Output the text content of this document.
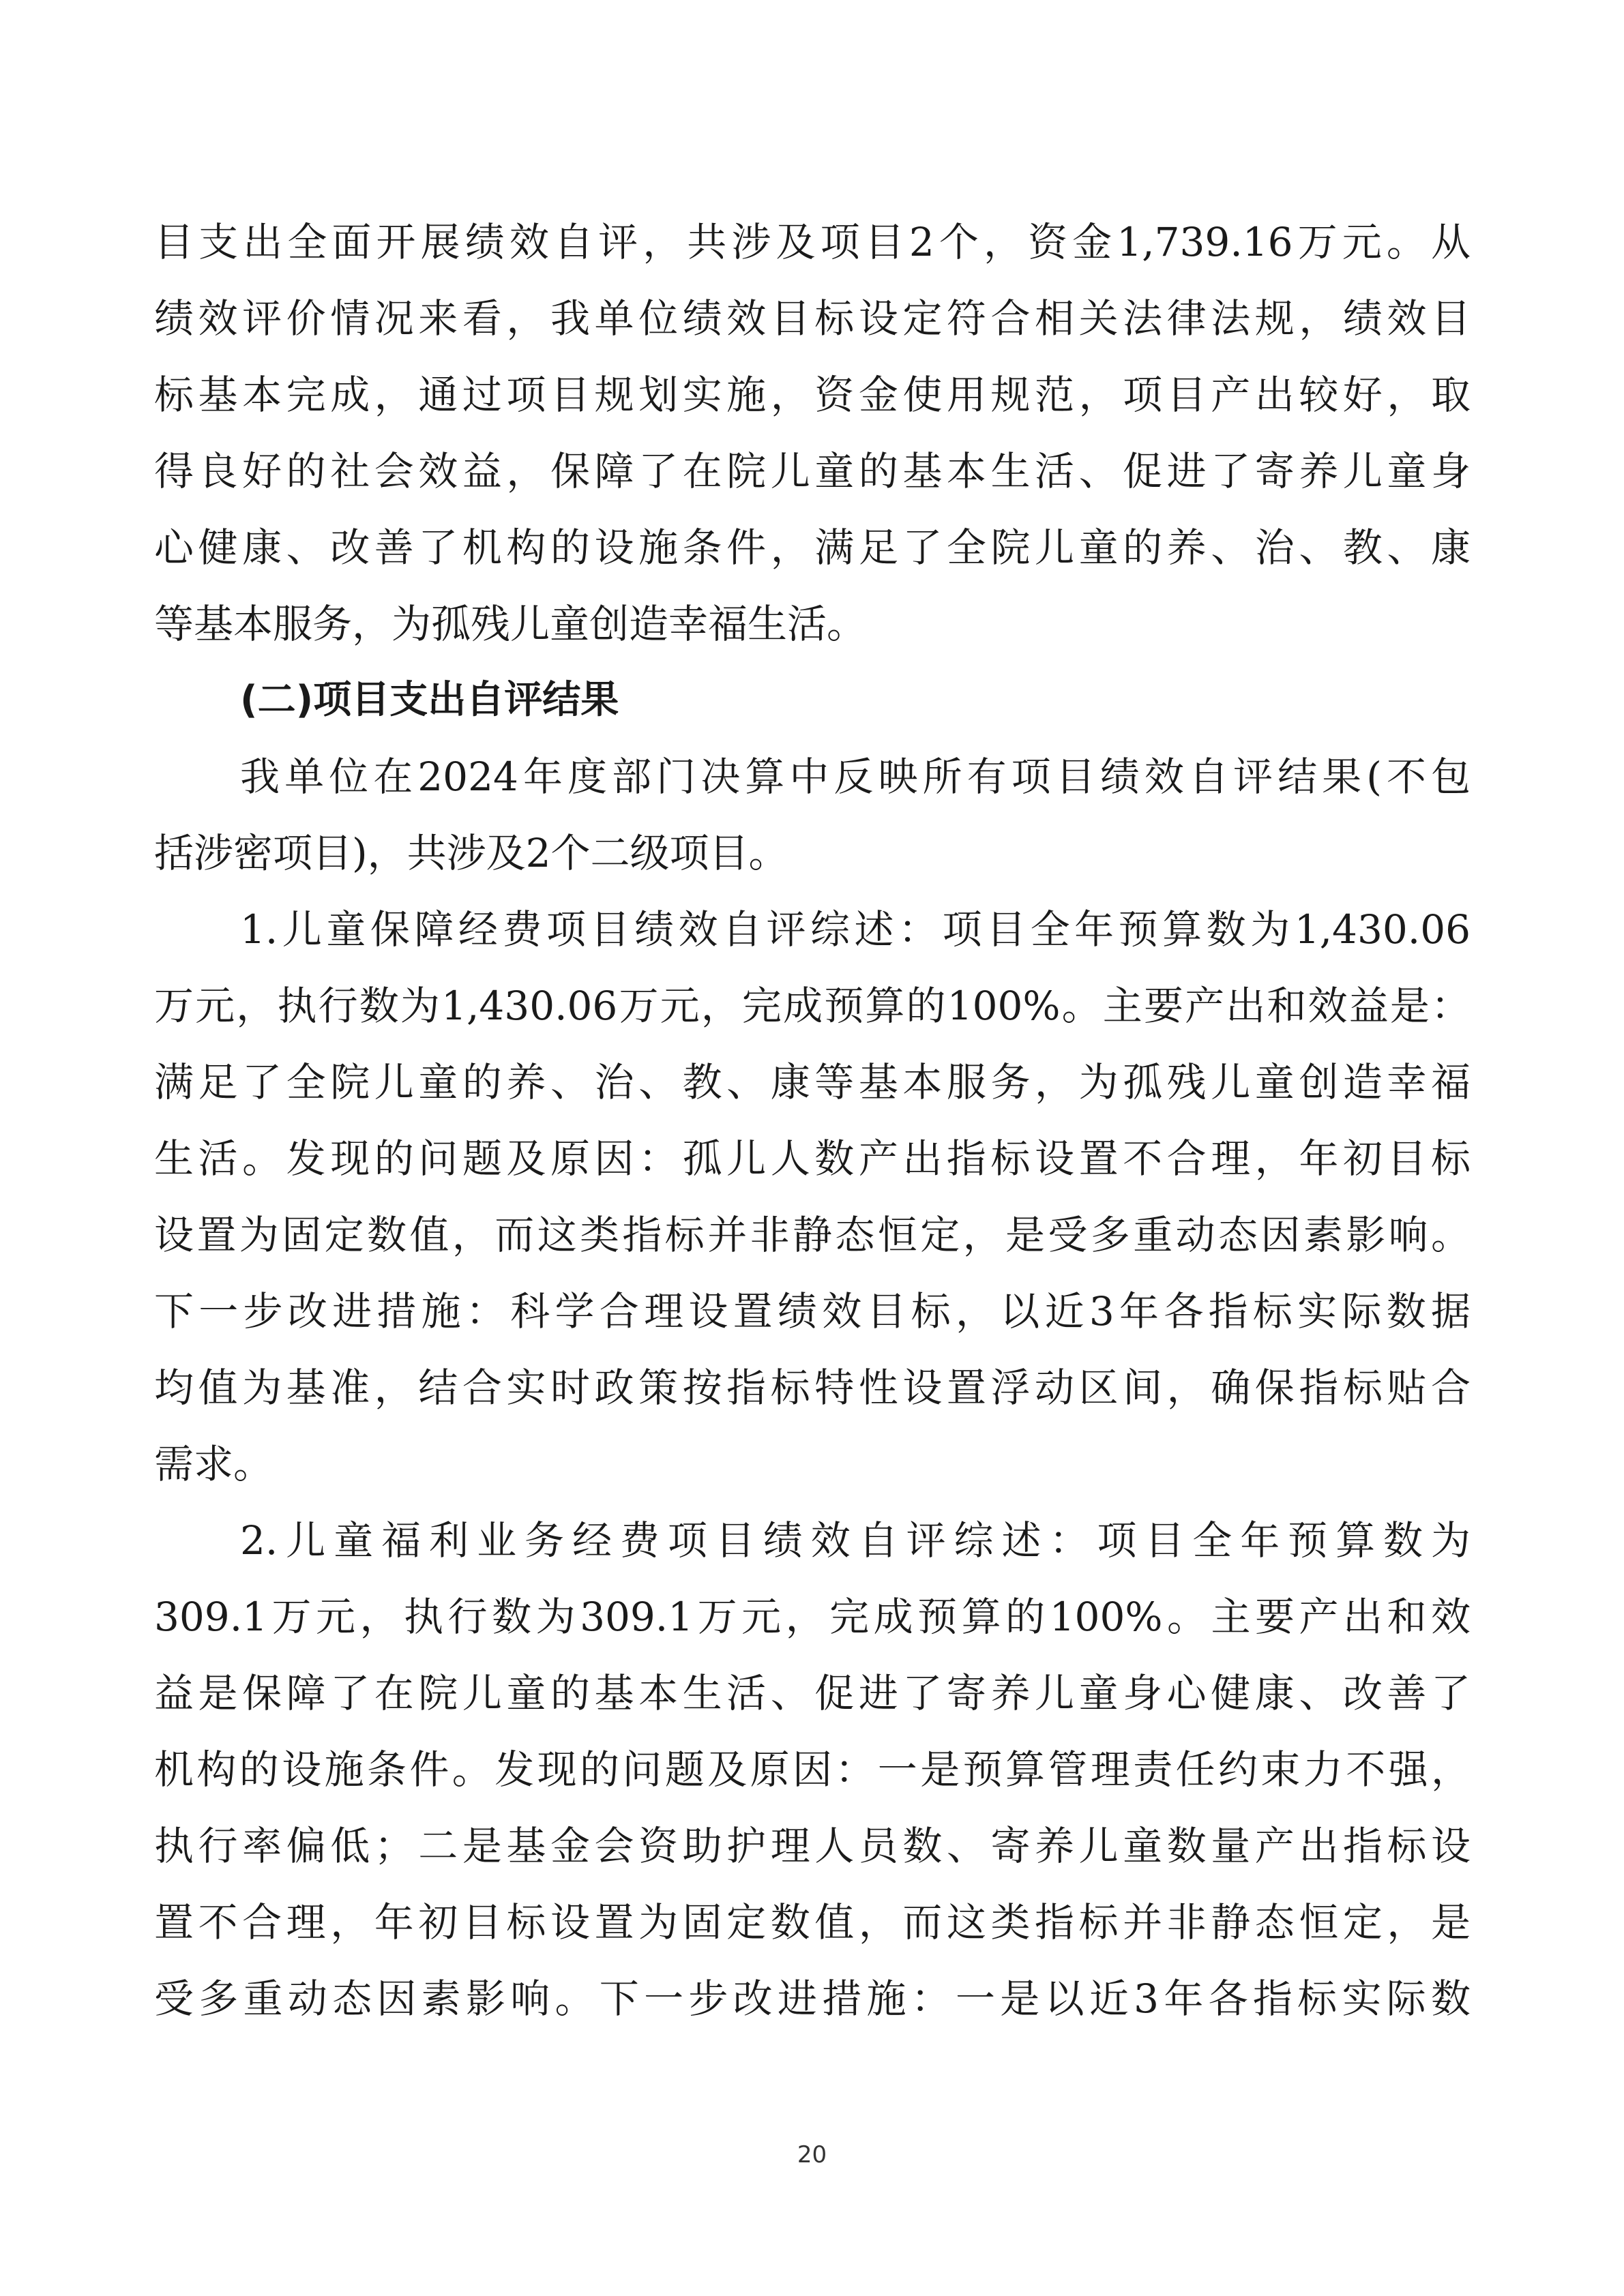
目支出全面开展绩效自评，共涉及项目2个，资金1,739.16万元。从
绩效评价情况来看，我单位绩效目标设定符合相关法律法规，绩效目
标基本完成，通过项目规划实施，资金使用规范，项目产出较好，取
得良好的社会效益，保障了在院儿童的基本生活、促进了寄养儿童身
心健康、改善了机构的设施条件，满足了全院儿童的养、治、教、康
等基本服务，为孤残儿童创造幸福生活。
(二)项目支出自评结果
我单位在2024年度部门决算中反映所有项目绩效自评结果(不包
括涉密项目)，共涉及2个二级项目。
1.儿童保障经费项目绩效自评综述：项目全年预算数为1,430.06
万元，执行数为1,430.06万元，完成预算的100%。主要产出和效益是：
满足了全院儿童的养、治、教、康等基本服务，为孤残儿童创造幸福
生活。发现的问题及原因：孤儿人数产出指标设置不合理，年初目标
设置为固定数值，而这类指标并非静态恒定，是受多重动态因素影响。
下一步改进措施：科学合理设置绩效目标，以近3年各指标实际数据
均值为基准，结合实时政策按指标特性设置浮动区间，确保指标贴合
需求。
2.儿童福利业务经费项目绩效自评综述：项目全年预算数为
309.1万元，执行数为309.1万元，完成预算的100%。主要产出和效
益是保障了在院儿童的基本生活、促进了寄养儿童身心健康、改善了
机构的设施条件。发现的问题及原因：一是预算管理责任约束力不强，
执行率偏低；二是基金会资助护理人员数、寄养儿童数量产出指标设
置不合理，年初目标设置为固定数值，而这类指标并非静态恒定，是
受多重动态因素影响。下一步改进措施：一是以近3年各指标实际数
20
